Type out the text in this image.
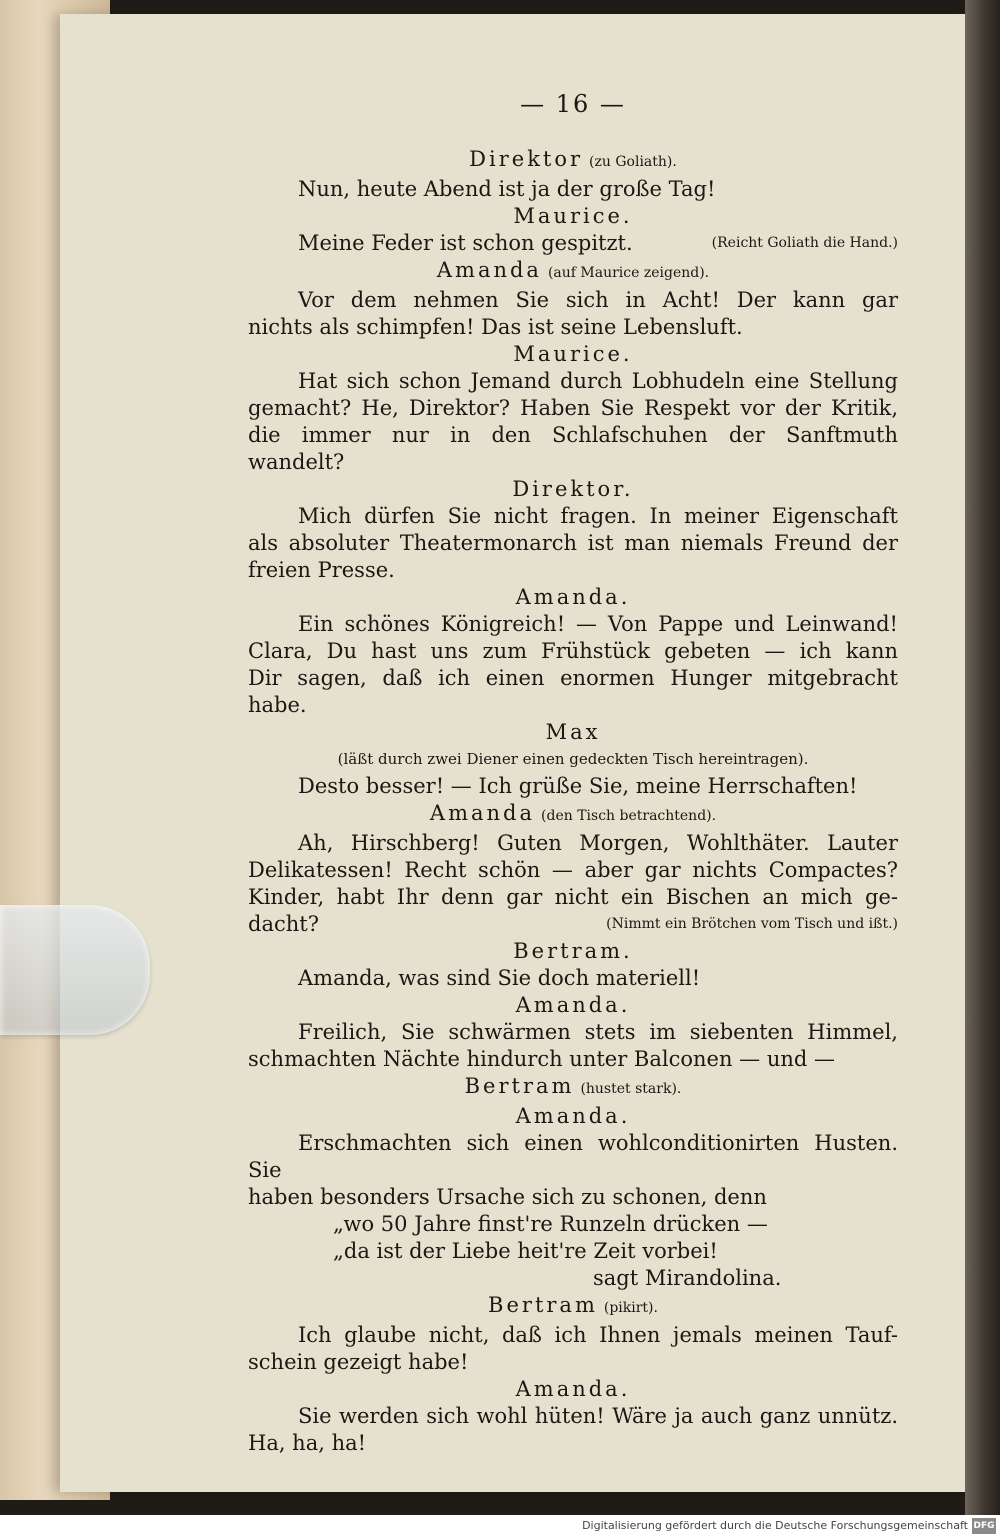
— 16 —
Direktor (zu Goliath).
Nun, heute Abend ist ja der große Tag!
Maurice.
Meine Feder ist schon gespitzt.	(Reicht Goliath die Hand.)
Amanda (auf Maurice zeigend).
Vor dem nehmen Sie sich in Acht! Der kann gar
nichts als schimpfen! Das ist seine Lebensluft.
Maurice.
Hat sich schon Jemand durch Lobhudeln eine Stellung
gemacht? He, Direktor? Haben Sie Respekt vor der Kritik,
die immer nur in den Schlafschuhen der Sanftmuth wandelt?
Direktor.
Mich dürfen Sie nicht fragen. In meiner Eigenschaft
als absoluter Theatermonarch ist man niemals Freund der
freien Presse.
Amanda.
Ein schönes Königreich! — Von Pappe und Leinwand!
Clara, Du hast uns zum Frühstück gebeten — ich kann
Dir sagen, daß ich einen enormen Hunger mitgebracht habe.
Max
(läßt durch zwei Diener einen gedeckten Tisch hereintragen).
Desto besser! — Ich grüße Sie, meine Herrschaften!
Amanda (den Tisch betrachtend).
Ah, Hirschberg! Guten Morgen, Wohlthäter. Lauter
Delikatessen! Recht schön — aber gar nichts Compactes?
Kinder, habt Ihr denn gar nicht ein Bischen an mich ge-
dacht?	(Nimmt ein Brötchen vom Tisch und ißt.)
Bertram.
Amanda, was sind Sie doch materiell!
Amanda.
Freilich, Sie schwärmen stets im siebenten Himmel,
schmachten Nächte hindurch unter Balconen — und —
Bertram (hustet stark).
Amanda.
Erschmachten sich einen wohlconditionirten Husten. Sie
haben besonders Ursache sich zu schonen, denn
„wo 50 Jahre finst're Runzeln drücken —
„da ist der Liebe heit're Zeit vorbei!
sagt Mirandolina.
Bertram (pikirt).
Ich glaube nicht, daß ich Ihnen jemals meinen Tauf-
schein gezeigt habe!
Amanda.
Sie werden sich wohl hüten! Wäre ja auch ganz unnütz.
Ha, ha, ha!
Digitalisierung gefördert durch die Deutsche Forschungsgemeinschaft DFG
